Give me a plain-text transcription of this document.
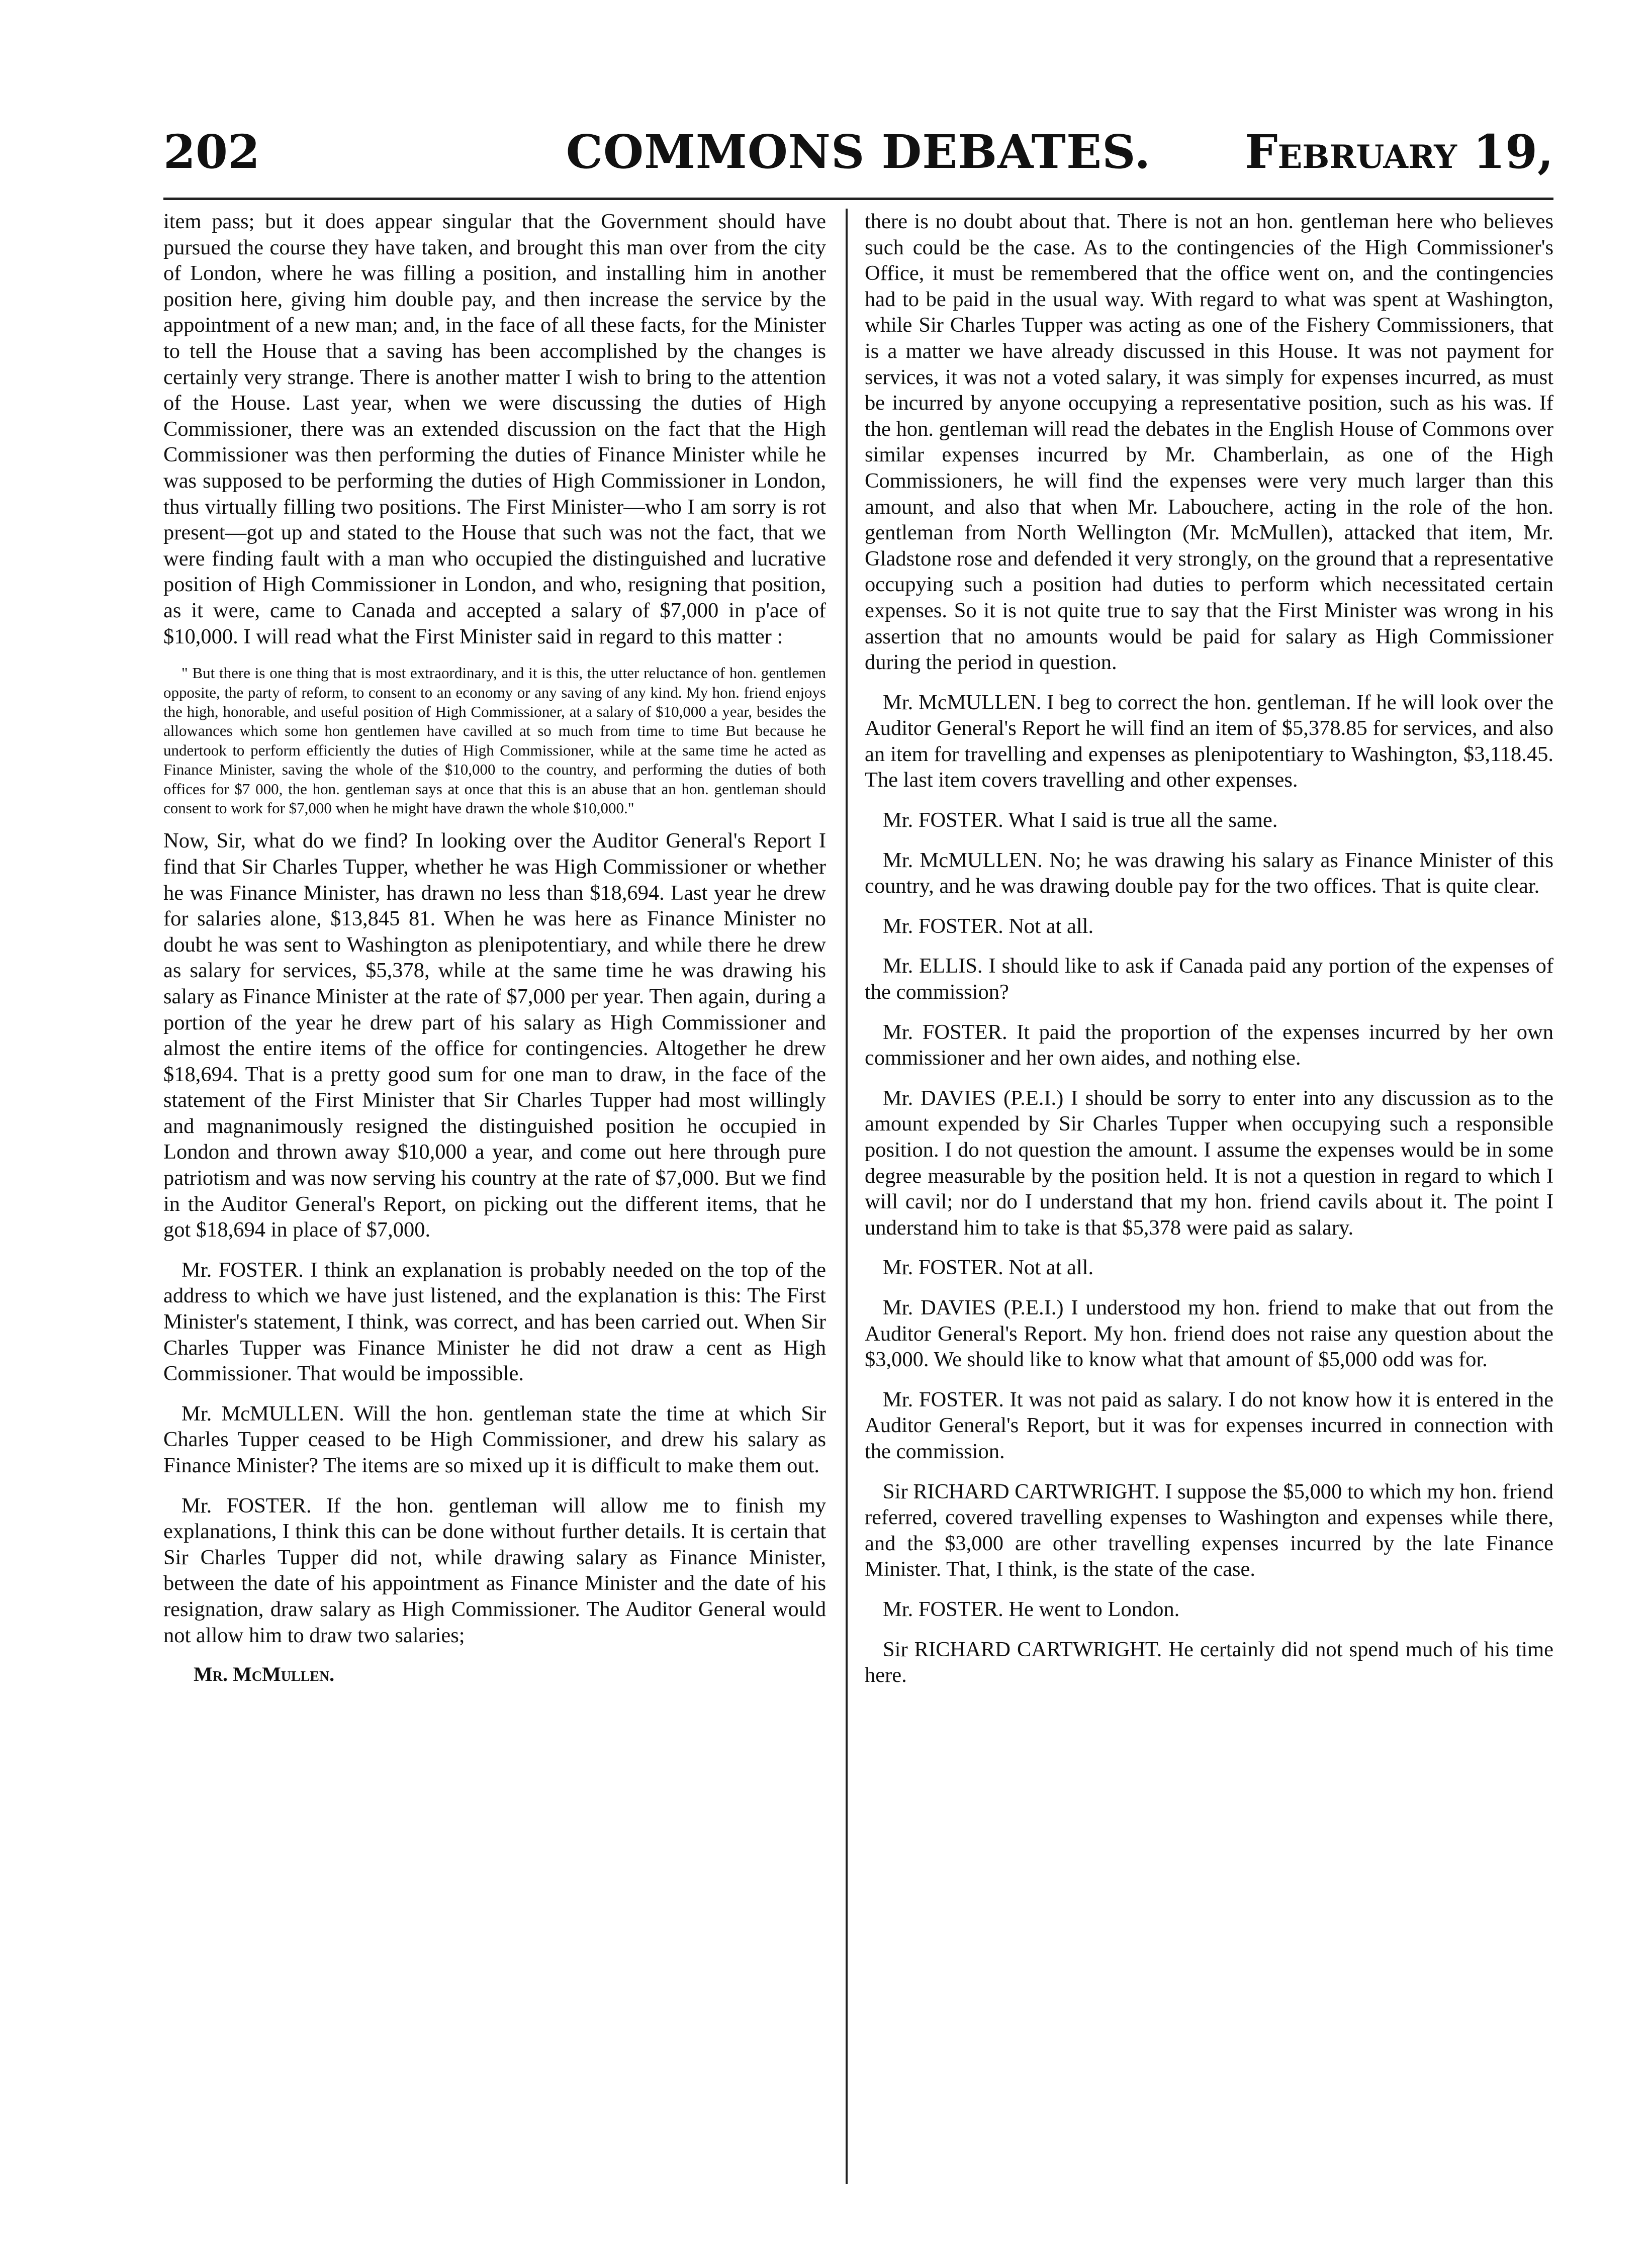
202	COMMONS DEBATES.	February 19,

item pass; but it does appear singular that the Government should have pursued the course they have taken, and brought this man over from the city of London, where he was filling a position, and installing him in another position here, giving him double pay, and then increase the service by the appointment of a new man; and, in the face of all these facts, for the Minister to tell the House that a saving has been accomplished by the changes is certainly very strange. There is another matter I wish to bring to the attention of the House. Last year, when we were discussing the duties of High Commissioner, there was an extended discussion on the fact that the High Commissioner was then performing the duties of Finance Minister while he was supposed to be performing the duties of High Commissioner in London, thus virtually filling two positions. The First Minister—who I am sorry is rot present—got up and stated to the House that such was not the fact, that we were finding fault with a man who occupied the distinguished and lucrative position of High Commissioner in London, and who, resigning that position, as it were, came to Canada and accepted a salary of $7,000 in p'ace of $10,000. I will read what the First Minister said in regard to this matter :

" But there is one thing that is most extraordinary, and it is this, the utter reluctance of hon. gentlemen opposite, the party of reform, to consent to an economy or any saving of any kind. My hon. friend enjoys the high, honorable, and useful position of High Commissioner, at a salary of $10,000 a year, besides the allowances which some hon gentlemen have cavilled at so much from time to time But because he undertook to perform efficiently the duties of High Commissioner, while at the same time he acted as Finance Minister, saving the whole of the $10,000 to the country, and performing the duties of both offices for $7 000, the hon. gentleman says at once that this is an abuse that an hon. gentleman should consent to work for $7,000 when he might have drawn the whole $10,000."

Now, Sir, what do we find? In looking over the Auditor General's Report I find that Sir Charles Tupper, whether he was High Commissioner or whether he was Finance Minister, has drawn no less than $18,694. Last year he drew for salaries alone, $13,845 81. When he was here as Finance Minister no doubt he was sent to Washington as plenipotentiary, and while there he drew as salary for services, $5,378, while at the same time he was drawing his salary as Finance Minister at the rate of $7,000 per year. Then again, during a portion of the year he drew part of his salary as High Commissioner and almost the entire items of the office for contingencies. Altogether he drew $18,694. That is a pretty good sum for one man to draw, in the face of the statement of the First Minister that Sir Charles Tupper had most willingly and magnanimously resigned the distinguished position he occupied in London and thrown away $10,000 a year, and come out here through pure patriotism and was now serving his country at the rate of $7,000. But we find in the Auditor General's Report, on picking out the different items, that he got $18,694 in place of $7,000.

Mr. FOSTER. I think an explanation is probably needed on the top of the address to which we have just listened, and the explanation is this: The First Minister's statement, I think, was correct, and has been carried out. When Sir Charles Tupper was Finance Minister he did not draw a cent as High Commissioner. That would be impossible.

Mr. McMULLEN. Will the hon. gentleman state the time at which Sir Charles Tupper ceased to be High Commissioner, and drew his salary as Finance Minister? The items are so mixed up it is difficult to make them out.

Mr. FOSTER. If the hon. gentleman will allow me to finish my explanations, I think this can be done without further details. It is certain that Sir Charles Tupper did not, while drawing salary as Finance Minister, between the date of his appointment as Finance Minister and the date of his resignation, draw salary as High Commissioner. The Auditor General would not allow him to draw two salaries;

Mr. McMullen.

there is no doubt about that. There is not an hon. gentleman here who believes such could be the case. As to the contingencies of the High Commissioner's Office, it must be remembered that the office went on, and the contingencies had to be paid in the usual way. With regard to what was spent at Washington, while Sir Charles Tupper was acting as one of the Fishery Commissioners, that is a matter we have already discussed in this House. It was not payment for services, it was not a voted salary, it was simply for expenses incurred, as must be incurred by anyone occupying a representative position, such as his was. If the hon. gentleman will read the debates in the English House of Commons over similar expenses incurred by Mr. Chamberlain, as one of the High Commissioners, he will find the expenses were very much larger than this amount, and also that when Mr. Labouchere, acting in the role of the hon. gentleman from North Wellington (Mr. McMullen), attacked that item, Mr. Gladstone rose and defended it very strongly, on the ground that a representative occupying such a position had duties to perform which necessitated certain expenses. So it is not quite true to say that the First Minister was wrong in his assertion that no amounts would be paid for salary as High Commissioner during the period in question.

Mr. McMULLEN. I beg to correct the hon. gentleman. If he will look over the Auditor General's Report he will find an item of $5,378.85 for services, and also an item for travelling and expenses as plenipotentiary to Washington, $3,118.45. The last item covers travelling and other expenses.

Mr. FOSTER. What I said is true all the same.

Mr. McMULLEN. No; he was drawing his salary as Finance Minister of this country, and he was drawing double pay for the two offices. That is quite clear.

Mr. FOSTER. Not at all.

Mr. ELLIS. I should like to ask if Canada paid any portion of the expenses of the commission?

Mr. FOSTER. It paid the proportion of the expenses incurred by her own commissioner and her own aides, and nothing else.

Mr. DAVIES (P.E.I.) I should be sorry to enter into any discussion as to the amount expended by Sir Charles Tupper when occupying such a responsible position. I do not question the amount. I assume the expenses would be in some degree measurable by the position held. It is not a question in regard to which I will cavil; nor do I understand that my hon. friend cavils about it. The point I understand him to take is that $5,378 were paid as salary.

Mr. FOSTER. Not at all.

Mr. DAVIES (P.E.I.) I understood my hon. friend to make that out from the Auditor General's Report. My hon. friend does not raise any question about the $3,000. We should like to know what that amount of $5,000 odd was for.

Mr. FOSTER. It was not paid as salary. I do not know how it is entered in the Auditor General's Report, but it was for expenses incurred in connection with the commission.

Sir RICHARD CARTWRIGHT. I suppose the $5,000 to which my hon. friend referred, covered travelling expenses to Washington and expenses while there, and the $3,000 are other travelling expenses incurred by the late Finance Minister. That, I think, is the state of the case.

Mr. FOSTER. He went to London.

Sir RICHARD CARTWRIGHT. He certainly did not spend much of his time here.
